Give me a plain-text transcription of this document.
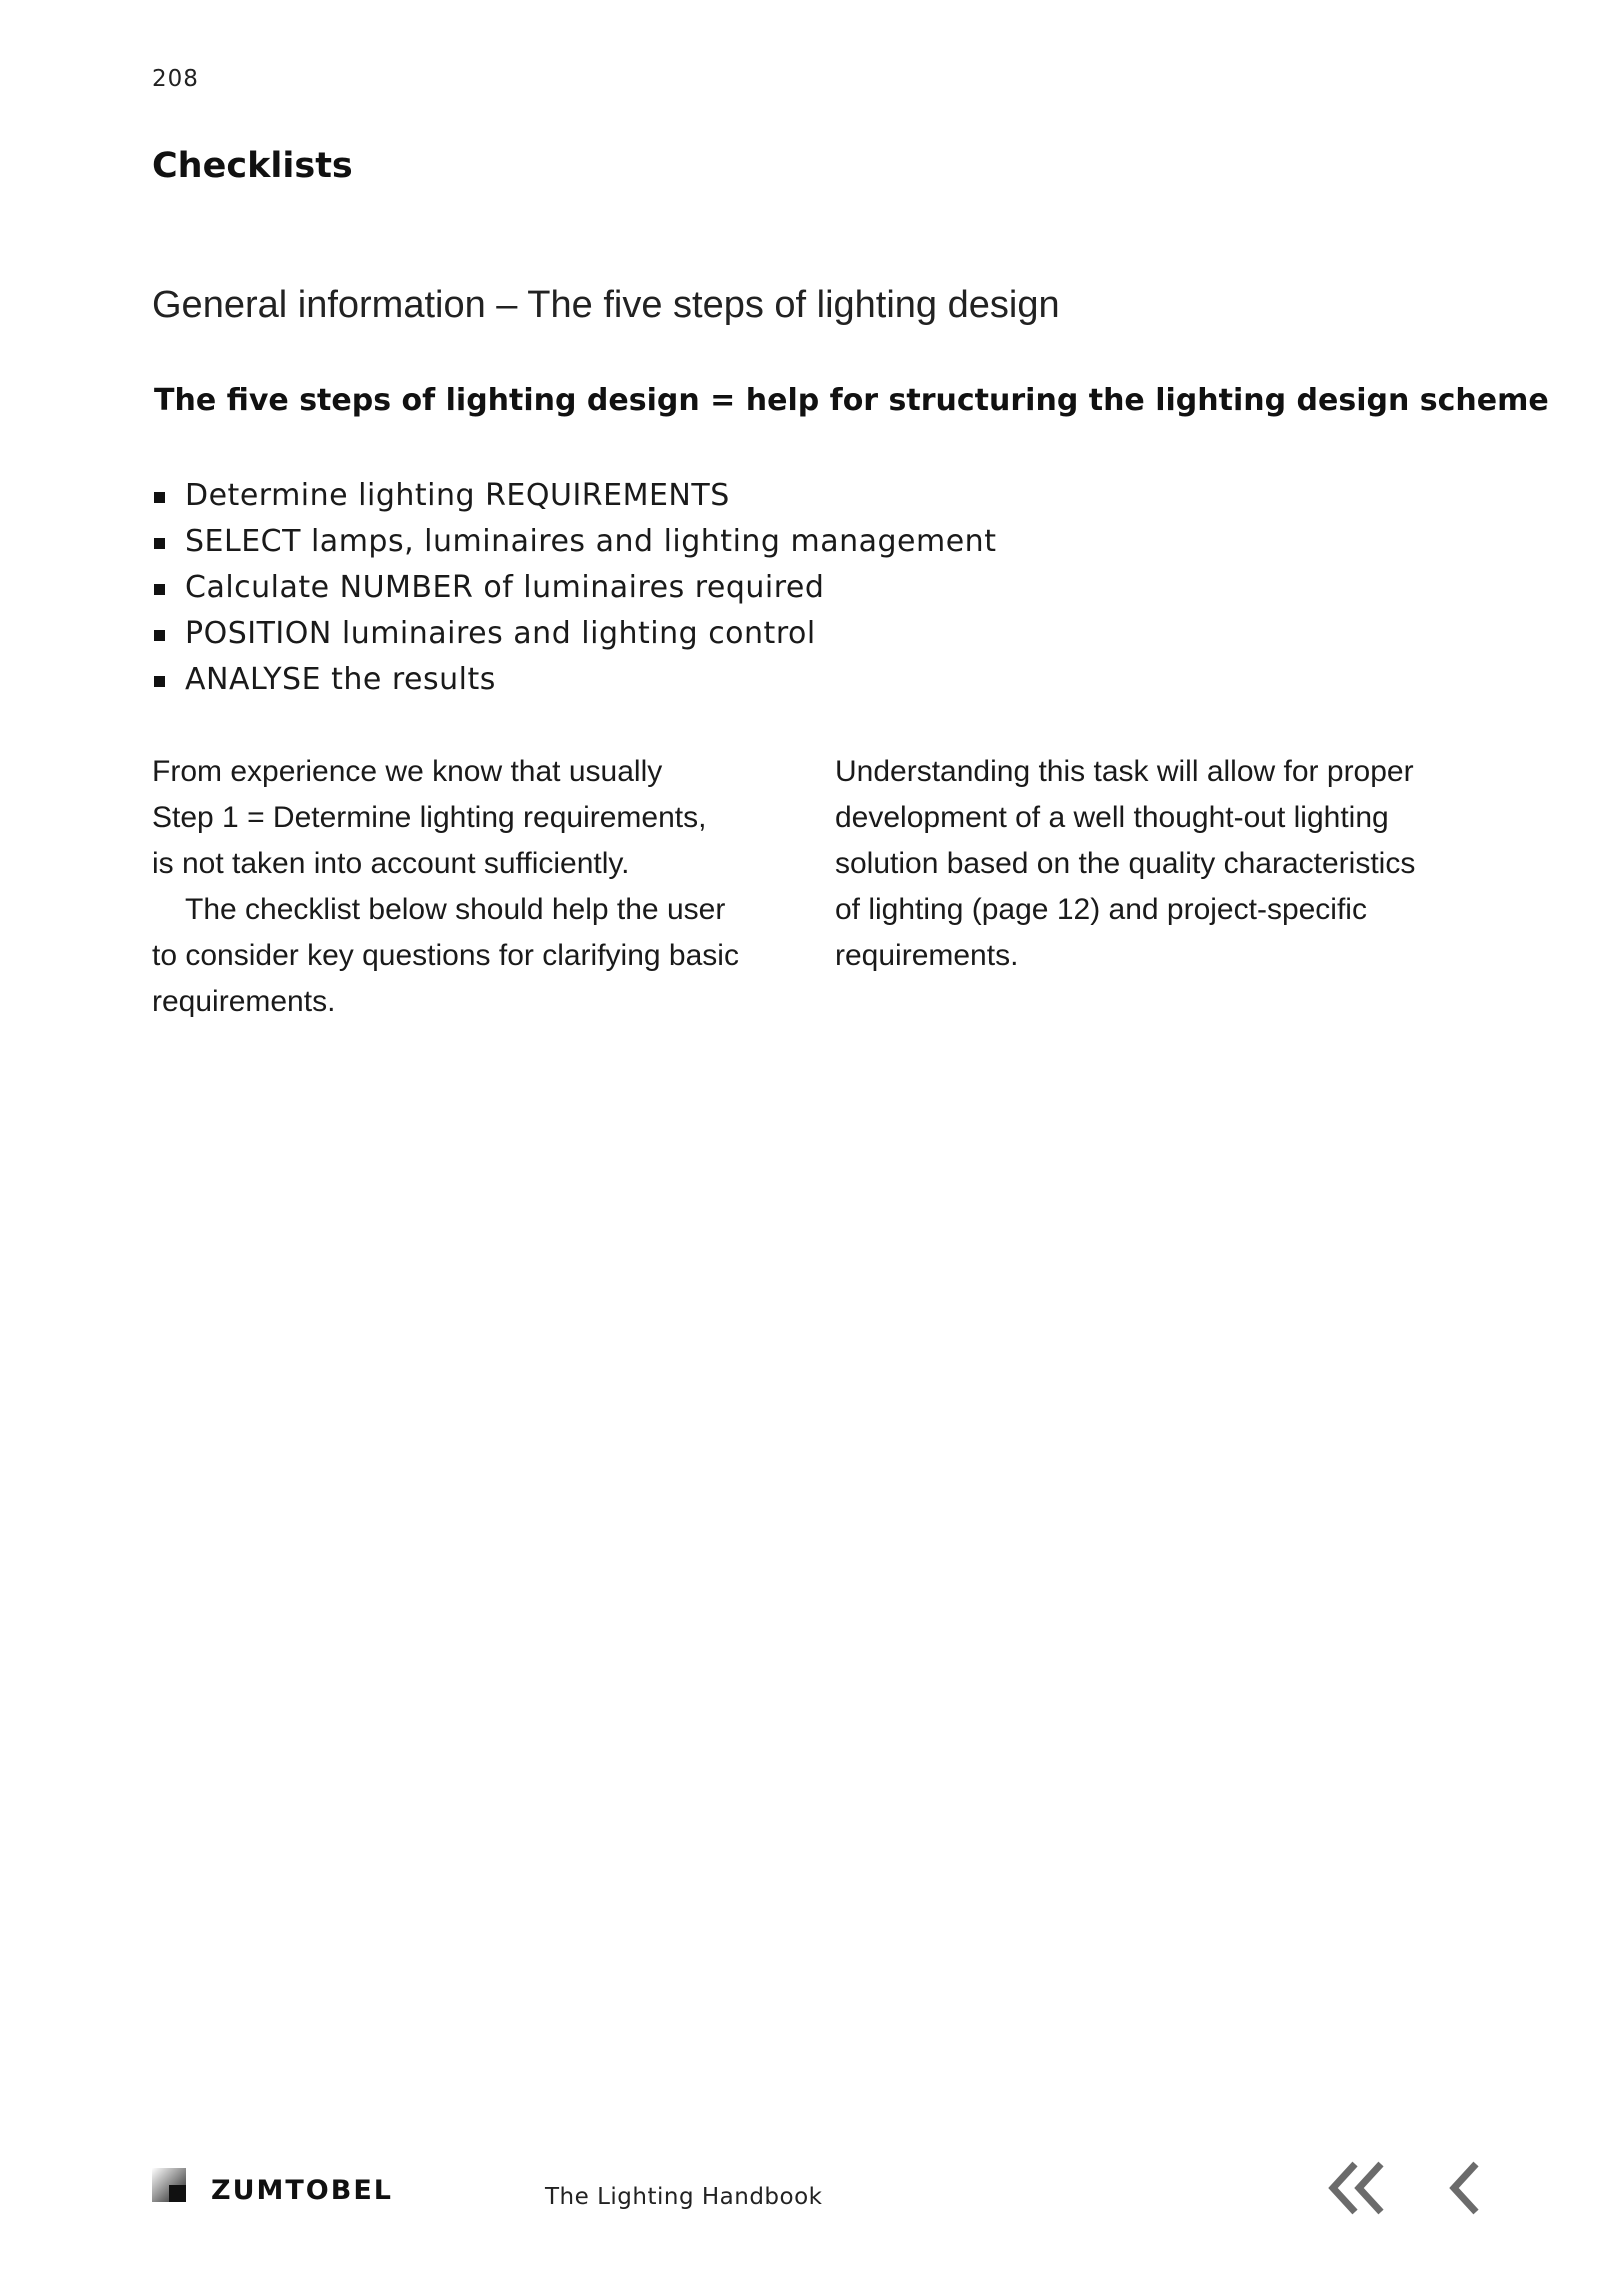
208
Checklists
General information – The five steps of lighting design
The five steps of lighting design = help for structuring the lighting design scheme
Determine lighting REQUIREMENTS
SELECT lamps, luminaires and lighting management
Calculate NUMBER of luminaires required
POSITION luminaires and lighting control
ANALYSE the results

From experience we know that usually

Step 1 = Determine lighting requirements,

is not taken into account sufficiently.

The checklist below should help the user

to consider key questions for clarifying basic

requirements.

Understanding this task will allow for proper

development of a well thought-out lighting

solution based on the quality characteristics

of lighting (page 12) and project-specific

requirements.

ZUMTOBEL	The Lighting Handbook
